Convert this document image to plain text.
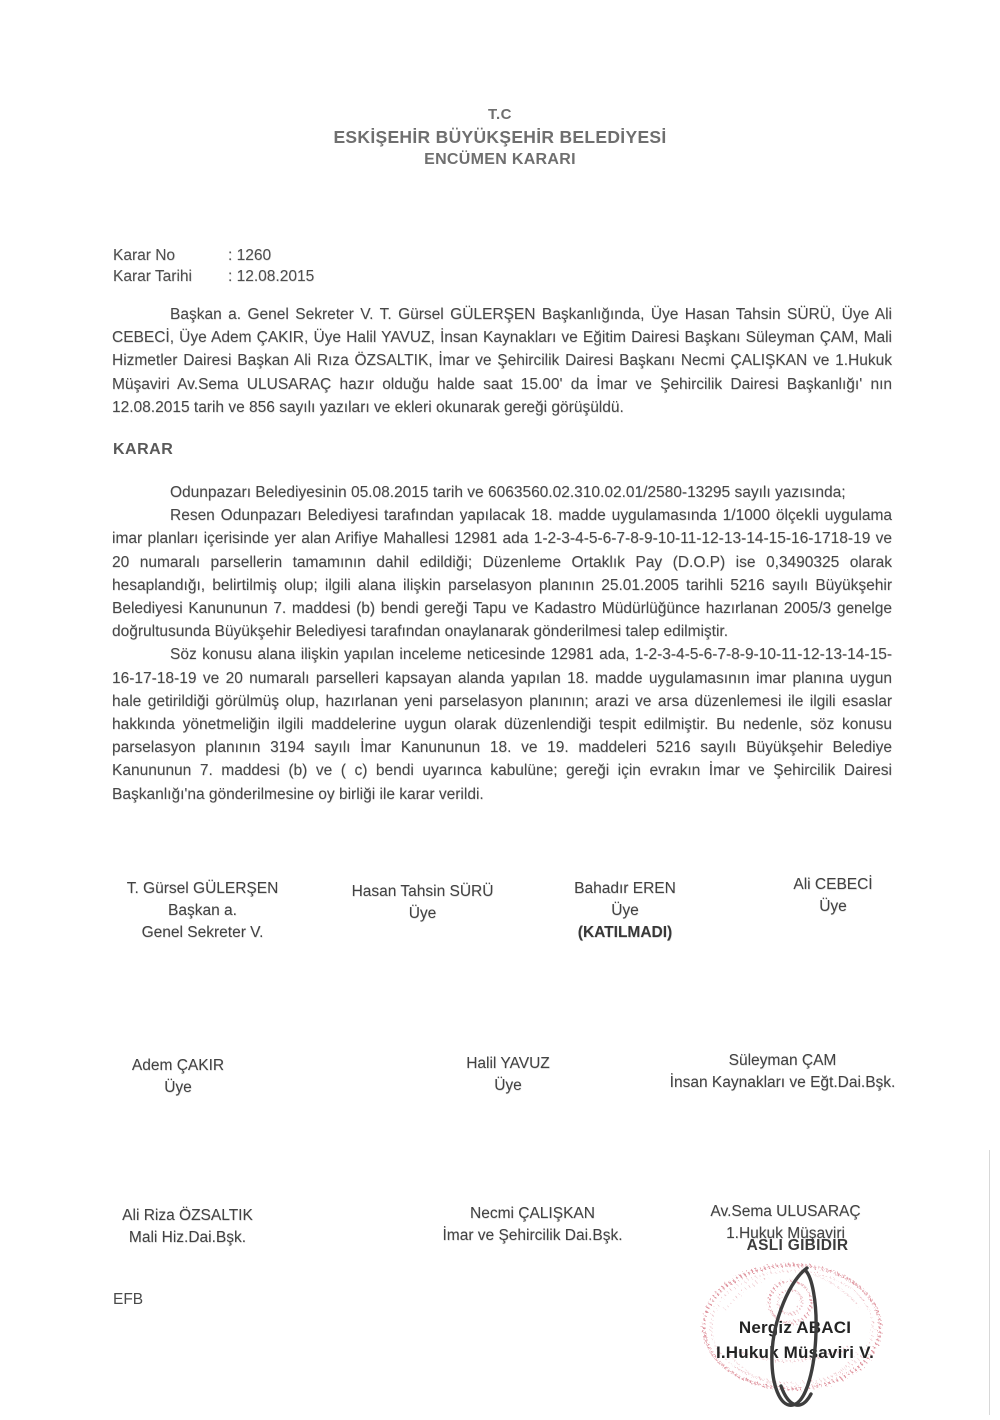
T.C
ESKİŞEHİR BÜYÜKŞEHİR BELEDİYESİ
ENCÜMEN KARARI
Karar No	: 1260
Karar Tarihi : 12.08.2015

Başkan a. Genel Sekreter V. T. Gürsel GÜLERŞEN Başkanlığında, Üye Hasan Tahsin SÜRÜ, Üye Ali CEBECİ, Üye Adem ÇAKIR, Üye Halil YAVUZ, İnsan Kaynakları ve Eğitim Dairesi Başkanı Süleyman ÇAM, Mali Hizmetler Dairesi Başkan Ali Rıza ÖZSALTIK, İmar ve Şehircilik Dairesi Başkanı Necmi ÇALIŞKAN ve 1.Hukuk Müşaviri Av.Sema ULUSARAÇ hazır olduğu halde saat 15.00' da İmar ve Şehircilik Dairesi Başkanlığı' nın 12.08.2015 tarih ve 856 sayılı yazıları ve ekleri okunarak gereği görüşüldü.

KARAR

Odunpazarı Belediyesinin 05.08.2015 tarih ve 6063560.02.310.02.01/2580-13295 sayılı yazısında;

Resen Odunpazarı Belediyesi tarafından yapılacak 18. madde uygulamasında 1/1000 ölçekli uygulama imar planları içerisinde yer alan Arifiye Mahallesi 12981 ada 1-2-3-4-5-6-7-8-9-10-11-12-13-14-15-16-1718-19 ve 20 numaralı parsellerin tamamının dahil edildiği; Düzenleme Ortaklık Pay (D.O.P) ise 0,3490325 olarak hesaplandığı, belirtilmiş olup; ilgili alana ilişkin parselasyon planının 25.01.2005 tarihli 5216 sayılı Büyükşehir Belediyesi Kanununun 7. maddesi (b) bendi gereği Tapu ve Kadastro Müdürlüğünce hazırlanan 2005/3 genelge doğrultusunda Büyükşehir Belediyesi tarafından onaylanarak gönderilmesi talep edilmiştir.

Söz konusu alana ilişkin yapılan inceleme neticesinde 12981 ada, 1-2-3-4-5-6-7-8-9-10-11-12-13-14-15-16-17-18-19 ve 20 numaralı parselleri kapsayan alanda yapılan 18. madde uygulamasının imar planına uygun hale getirildiği görülmüş olup, hazırlanan yeni parselasyon planının; arazi ve arsa düzenlemesi ile ilgili esaslar hakkında yönetmeliğin ilgili maddelerine uygun olarak düzenlendiği tespit edilmiştir. Bu nedenle, söz konusu parselasyon planının 3194 sayılı İmar Kanununun 18. ve 19. maddeleri 5216 sayılı Büyükşehir Belediye Kanununun 7. maddesi (b) ve ( c) bendi uyarınca kabulüne; gereği için evrakın İmar ve Şehircilik Dairesi Başkanlığı'na gönderilmesine oy birliği ile karar verildi.

T. Gürsel GÜLERŞEN
Başkan a.
Genel Sekreter V.
Hasan Tahsin SÜRÜ
Üye
Bahadır EREN
Üye
(KATILMADI)
Ali CEBECİ
Üye
Adem ÇAKIR
Üye
Halil YAVUZ
Üye
Süleyman ÇAM
İnsan Kaynakları ve Eğt.Dai.Bşk.
Ali Riza ÖZSALTIK
Mali Hiz.Dai.Bşk.
Necmi ÇALIŞKAN
İmar ve Şehircilik Dai.Bşk.
Av.Sema ULUSARAÇ
1.Hukuk Müşaviri
ASLI GIBIDIR
Nergiz ABACI
I.Hukuk Müşaviri V.
EFB
